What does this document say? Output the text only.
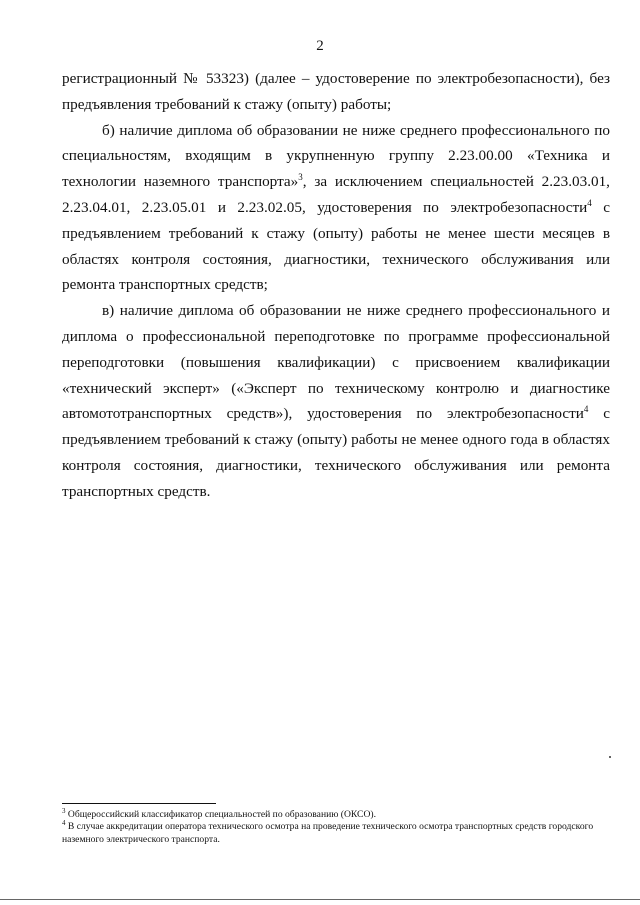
2

регистрационный № 53323) (далее – удостоверение по электробезопасности), без предъявления требований к стажу (опыту) работы;

б) наличие диплома об образовании не ниже среднего профессионального по специальностям, входящим в укрупненную группу 2.23.00.00 «Техника и технологии наземного транспорта»$^3$, за исключением специальностей 2.23.03.01, 2.23.04.01, 2.23.05.01 и 2.23.02.05, удостоверения по электробезопасности$^4$ с предъявлением требований к стажу (опыту) работы не менее шести месяцев в областях контроля состояния, диагностики, технического обслуживания или ремонта транспортных средств;

в) наличие диплома об образовании не ниже среднего профессионального и диплома о профессиональной переподготовке по программе профессиональной переподготовки (повышения квалификации) с присвоением квалификации «технический эксперт» («Эксперт по техническому контролю и диагностике автомототранспортных средств»), удостоверения по электробезопасности$^4$ с предъявлением требований к стажу (опыту) работы не менее одного года в областях контроля состояния, диагностики, технического обслуживания или ремонта транспортных средств.

$^3$ Общероссийский классификатор специальностей по образованию (ОКСО).

$^4$ В случае аккредитации оператора технического осмотра на проведение технического осмотра транспортных средств городского наземного электрического транспорта.
